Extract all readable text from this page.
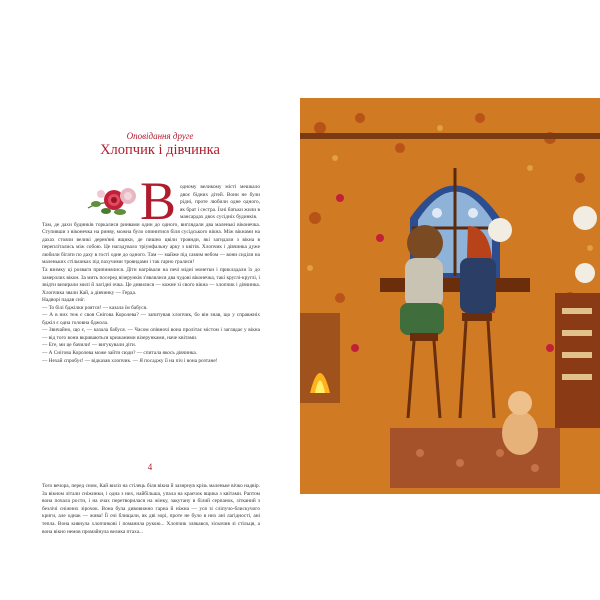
Оповідання друге
Хлопчик і дівчинка
В одному великому місті мешкало двоє бідних дітей. Вони не були рідні, проте любили одне одного, як брат і сестра. Їхні батьки жили в мансардах двох сусідніх будинків.

Там, де дахи будинків торкалися ринвами один до одного, виглядали два маленькі віконечка. Ступивши з віконечка на ринву, можна було опинитися біля сусідського вікна. Між вікнами на дахах стояли великі дерев'яні ящики, де пишно цвіли троянди, які загидали з вікна в переплітались між собою. Це нагадувало тріумфальну арку з квітів. Хлопчик і дівчинка дуже любили бігати по даху в гості одне до одного. Там — майже під самим небом — вони сиділи на маленьких стільчиках під пахучими трояндами і так гарно гралися!

Та взимку ці розваги припинялися. Діти нагрівали на печі мідні монетки і прикладали їх до замерзлих вікон. За мить посеред візерунків з'являлися два чудові віконечка, такі круглі-круглі, і звідти визирали милі й лагідні очка. Це дивилися — кожне зі свого вікна — хлопчик і дівчинка. Хлопчика звали Кай, а дівчинку — Герда.

Надворі падав сніг.

— То білі бджілки роятся! — казала їм бабуся.

— А в них теж є своя Снігова Королева? — запитував хлопчик, бо він знав, що у справжніх бджіл є одна головна бджола.

— Звичайно, що є, — казала бабуся. — Часом опівночі вона пролітає містом і заглядає у вікна — від того вони вкриваються крижаними візерунками, наче квітами.

— Еге, ми це бачили! — вигукували діти.

— А Снігова Королева може зайти сюди? — спитала якось дівчинка.

— Нехай спробує! — відказав хлопчик. — Я посаджу її на піч і вона розтане!

4

Того вечора, перед сном, Кай виліз на стілець біля вікна й зазирнув крізь маленьке вічко надвір. За вікном літали сніжинки, і одна з них, найбільша, упала на краєчок ящика з квітами. Раптом вона почала рости, і на очах перетворилася на жінку, закутану в білий серпанок, зітканий з безлічі сніжних зірочок. Вона була дивовижно гарна й ніжна — уся зі сліпучо-блискучого криги, але однак — жива! Її очі блищали, як дві зорі, проте не було в них ані лагідності, ані тепла. Вона кивнула хлопчикові і поманила рукою... Хлопчик злякався, зіскочив зі стільця, а вона вікно немов промайнула велика птаха...
